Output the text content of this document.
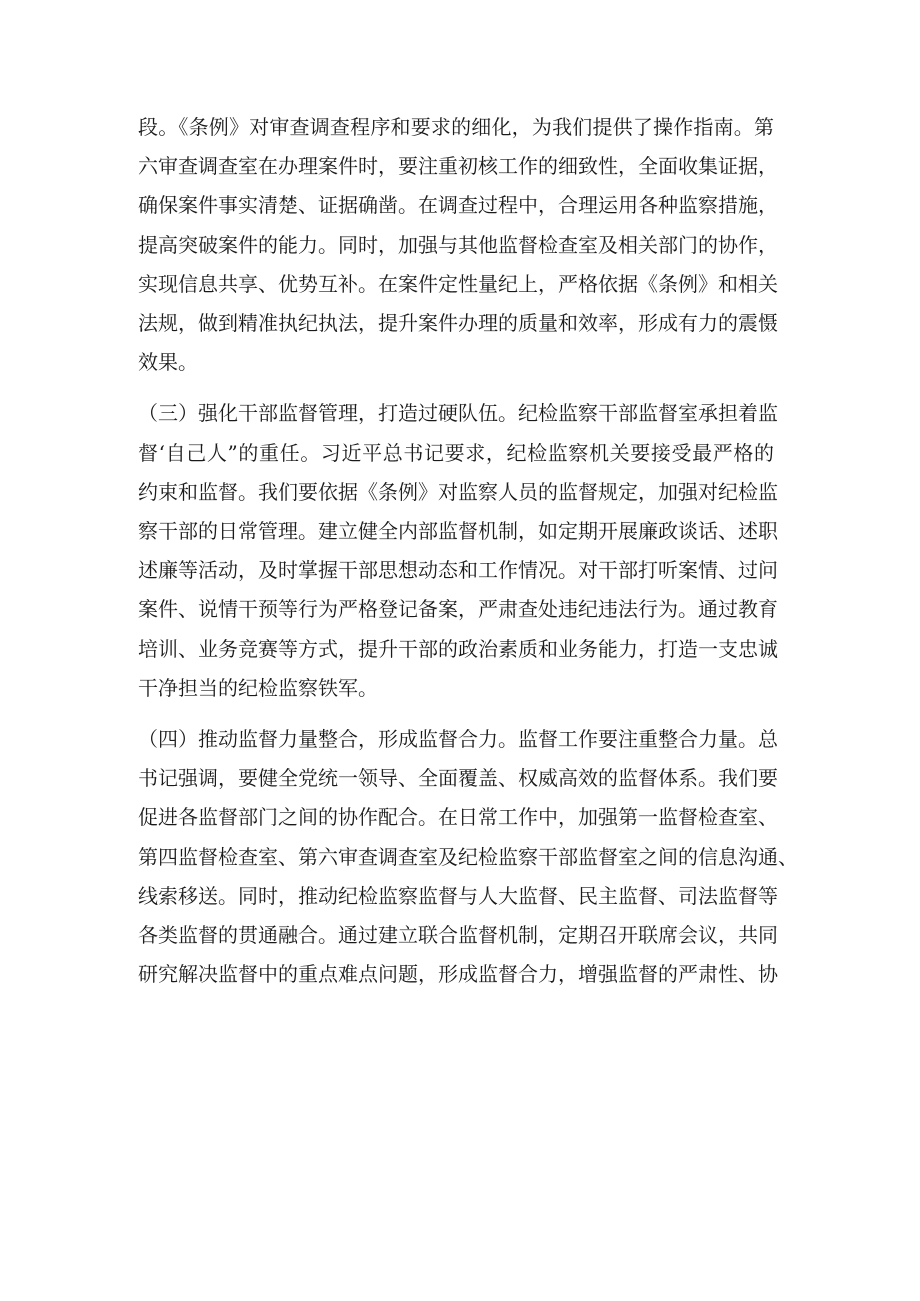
段。《条例》对审查调查程序和要求的细化，为我们提供了操作指南。第
六审查调查室在办理案件时，要注重初核工作的细致性，全面收集证据，
确保案件事实清楚、证据确凿。在调查过程中，合理运用各种监察措施，
提高突破案件的能力。同时，加强与其他监督检查室及相关部门的协作，
实现信息共享、优势互补。在案件定性量纪上，严格依据《条例》和相关
法规，做到精准执纪执法，提升案件办理的质量和效率，形成有力的震慑
效果。

（三）强化干部监督管理，打造过硬队伍。纪检监察干部监督室承担着监
督‘自己人”的重任。习近平总书记要求，纪检监察机关要接受最严格的
约束和监督。我们要依据《条例》对监察人员的监督规定，加强对纪检监
察干部的日常管理。建立健全内部监督机制，如定期开展廉政谈话、述职
述廉等活动，及时掌握干部思想动态和工作情况。对干部打听案情、过问
案件、说情干预等行为严格登记备案，严肃查处违纪违法行为。通过教育
培训、业务竞赛等方式，提升干部的政治素质和业务能力，打造一支忠诚
干净担当的纪检监察铁军。

（四）推动监督力量整合，形成监督合力。监督工作要注重整合力量。总
书记强调，要健全党统一领导、全面覆盖、权威高效的监督体系。我们要
促进各监督部门之间的协作配合。在日常工作中，加强第一监督检查室、
第四监督检查室、第六审查调查室及纪检监察干部监督室之间的信息沟通、
线索移送。同时，推动纪检监察监督与人大监督、民主监督、司法监督等
各类监督的贯通融合。通过建立联合监督机制，定期召开联席会议，共同
研究解决监督中的重点难点问题，形成监督合力，增强监督的严肃性、协
